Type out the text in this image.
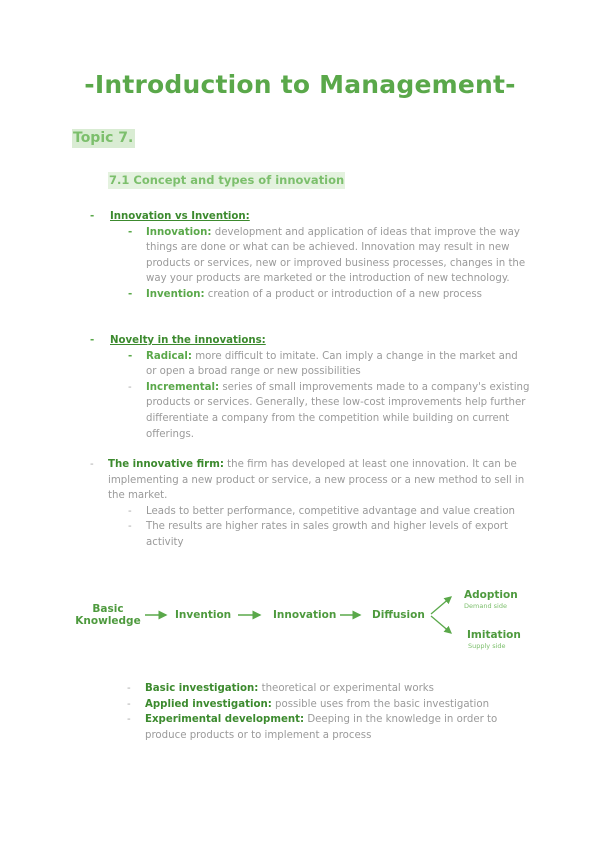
-Introduction to Management-
Topic 7.
7.1 Concept and types of innovation
- Innovation vs Invention:
- Innovation: development and application of ideas that improve the way things are done or what can be achieved. Innovation may result in new products or services, new or improved business processes, changes in the way your products are marketed or the introduction of new technology.
- Invention: creation of a product or introduction of a new process
- Novelty in the innovations:
- Radical: more difficult to imitate. Can imply a change in the market and or open a broad range or new possibilities
- Incremental: series of small improvements made to a company's existing products or services. Generally, these low-cost improvements help further differentiate a company from the competition while building on current offerings.
- The innovative firm: the firm has developed at least one innovation. It can be implementing a new product or service, a new process or a new method to sell in the market.
- Leads to better performance, competitive advantage and value creation
- The results are higher rates in sales growth and higher levels of export activity
Basic
Knowledge	Invention	Innovation	Diffusion
Adoption
Demand side
Imitation
Supply side
- Basic investigation: theoretical or experimental works
- Applied investigation: possible uses from the basic investigation
- Experimental development: Deeping in the knowledge in order to produce products or to implement a process
